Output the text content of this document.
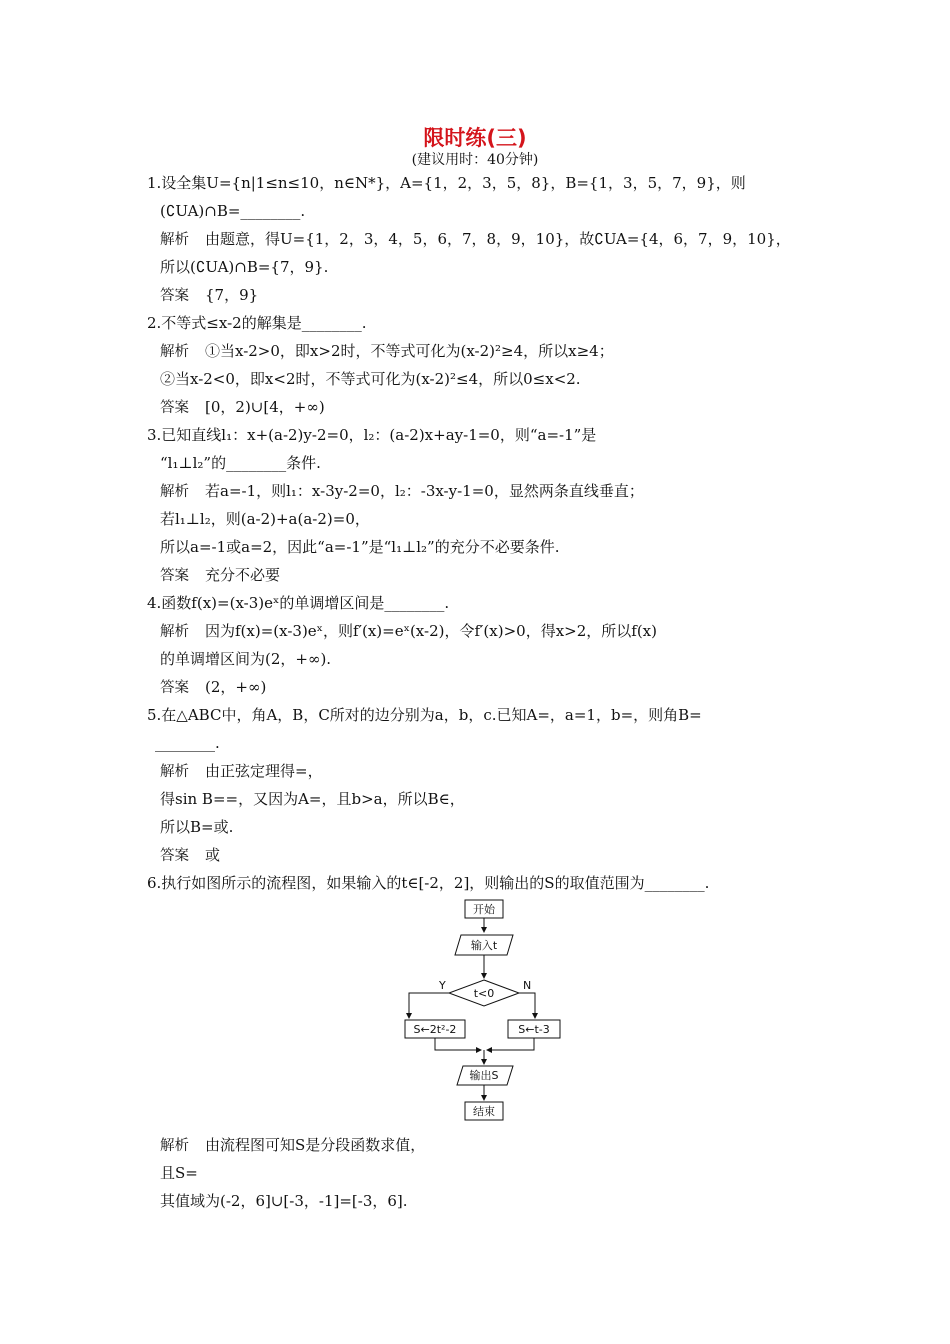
限时练(三)
(建议用时：40分钟)
1.设全集U={n|1≤n≤10，n∈N*}，A={1，2，3，5，8}，B={1，3，5，7，9}，则
(∁UA)∩B=________.
解析 由题意，得U={1，2，3，4，5，6，7，8，9，10}，故∁UA={4，6，7，9，10}，
所以(∁UA)∩B={7，9}.
答案 {7，9}
2.不等式≤x-2的解集是________.
解析 ①当x-2>0，即x>2时，不等式可化为(x-2)²≥4，所以x≥4；
②当x-2<0，即x<2时，不等式可化为(x-2)²≤4，所以0≤x<2.
答案 [0，2)∪[4，+∞)
3.已知直线l₁：x+(a-2)y-2=0，l₂：(a-2)x+ay-1=0，则“a=-1”是
“l₁⊥l₂”的________条件.
解析 若a=-1，则l₁：x-3y-2=0，l₂：-3x-y-1=0，显然两条直线垂直；
若l₁⊥l₂，则(a-2)+a(a-2)=0，
所以a=-1或a=2，因此“a=-1”是“l₁⊥l₂”的充分不必要条件.
答案 充分不必要
4.函数f(x)=(x-3)eˣ的单调增区间是________.
解析 因为f(x)=(x-3)eˣ，则f′(x)=eˣ(x-2)，令f′(x)>0，得x>2，所以f(x)
的单调增区间为(2，+∞).
答案 (2，+∞)
5.在△ABC中，角A，B，C所对的边分别为a，b，c.已知A=，a=1，b=，则角B=
________.
解析 由正弦定理得=，
得sin B==，又因为A=，且b>a，所以B∈，
所以B=或.
答案 或
6.执行如图所示的流程图，如果输入的t∈[-2，2]，则输出的S的取值范围为________.
开始
输入t
t<0
Y	N
S←2t²-2	S←t-3
输出S
结束
解析 由流程图可知S是分段函数求值，
且S=
其值域为(-2，6]∪[-3，-1]=[-3，6].
